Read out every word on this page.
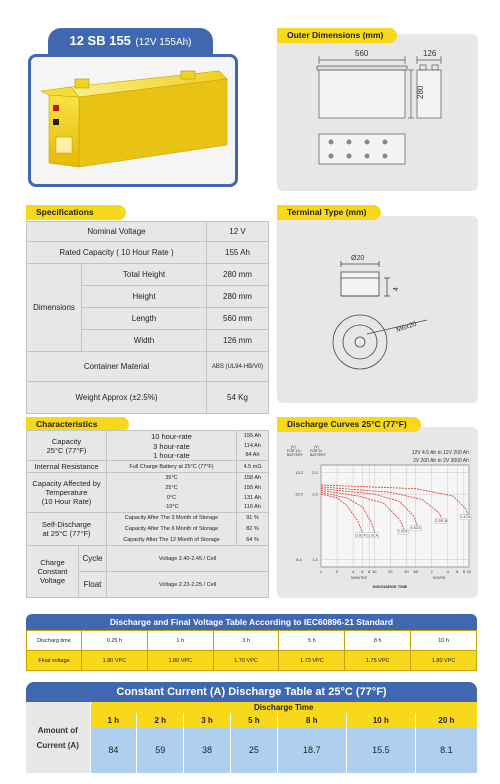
12 SB 155 (12V 155Ah)
Outer Dimensions (mm)
560	126
280
Specifications
Nominal Voltage		12 V
Rated Capacity ( 10 Hour Rate )		155 Ah
Dimensions	Total Height	280 mm
	Height	280 mm
	Length	560 mm
	Width	126 mm
Container Material		ABS (UL94-HB/V0)
Weight Approx (±2.5%)		54 Kg
Terminal Type (mm)
Ø20
4
M6x20
Characteristics
Capacity
25°C (77°F)		10 hour-rate	155 Ah
		3 hour-rate	114 Ah
		1 hour-rate	84 Ah
Internal Resistance		Full Charge Battery at 25°C (77°F)	4.5 mΩ

Capacity Affected by
Temperature
(10 Hour Rate)		35°C	158 Ah
		25°C	155 Ah
		0°C	131 Ah
		-10°C	116 Ah

Self-Discharge
at 25°C (77°F)		Capacity After The 3 Month of Storage	91 %
		Capacity After The 6 Month of Storage	82 %
		Capacity After The 12 Month of Storage	64 %

Charge
Constant
Voltage	Cycle	Voltage 2.40-2.45 / Cell	
	Float	Voltage 2.23-2.25 / Cell	
Discharge Curves 25°C (77°F)
(V)
FOR 12v
BATTERY
(V)
FOR 2v
BATTERY	12V 4.5 Ah to 12V 200 Ah
2V 200 Ah to 2V 3000 Ah
1	2	4 6 8 10	20	40 60	2	4 6 8 10
13.2 2.2
12.0 2.0
8.4	1.4
3.0CA 2.0CA
1.0CA
0.6CA
0.25CA
0.1CA
MINUTES	HOURS
DISCHARGE TIME
Discharge and Final Voltage Table According to IEC60896-21 Standard
Discharg time	0.25 h	1 h	3 h	5 h	8 h	10 h
Final voltage	1.80 VPC	1.80 VPC	1.70 VPC	1.73 VPC	1.75 VPC	1.80 VPC
Constant Current (A) Discharge Table at 25°C (77°F)
Amount of
Current (A)	Discharge Time						
	1 h	2 h	3 h	5 h	8 h	10 h	20 h
	84	59	38	25	18.7	15.5	8.1
